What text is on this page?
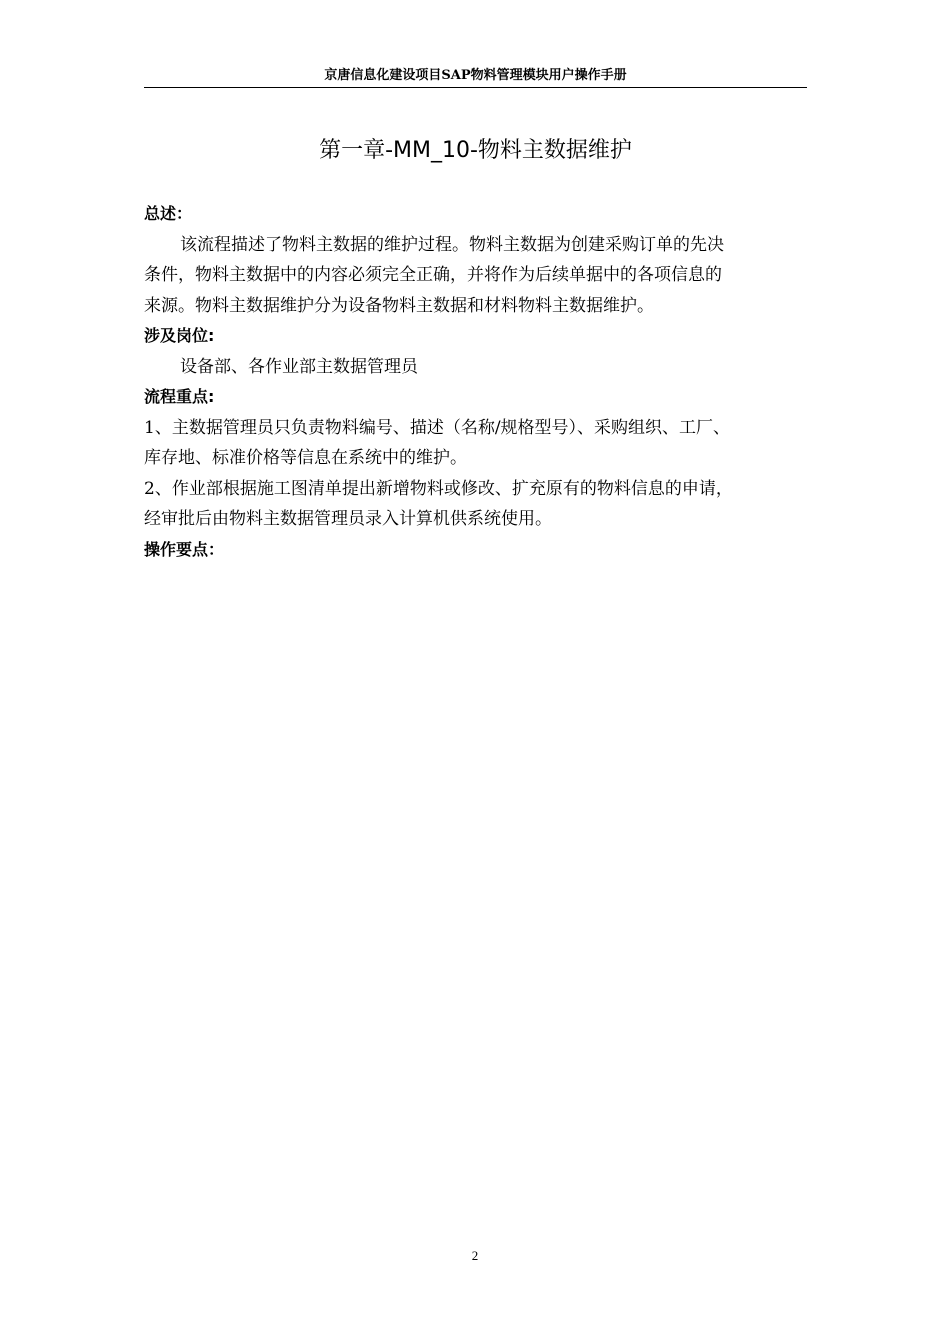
京唐信息化建设项目SAP物料管理模块用户操作手册
第一章-MM_10-物料主数据维护

总述：

该流程描述了物料主数据的维护过程。物料主数据为创建采购订单的先决
条件，物料主数据中的内容必须完全正确，并将作为后续单据中的各项信息的
来源。物料主数据维护分为设备物料主数据和材料物料主数据维护。

涉及岗位:

设备部、各作业部主数据管理员

流程重点:

1、主数据管理员只负责物料编号、描述（名称/规格型号）、采购组织、工厂、
库存地、标准价格等信息在系统中的维护。

2、作业部根据施工图清单提出新增物料或修改、扩充原有的物料信息的申请，
经审批后由物料主数据管理员录入计算机供系统使用。

操作要点：

2
